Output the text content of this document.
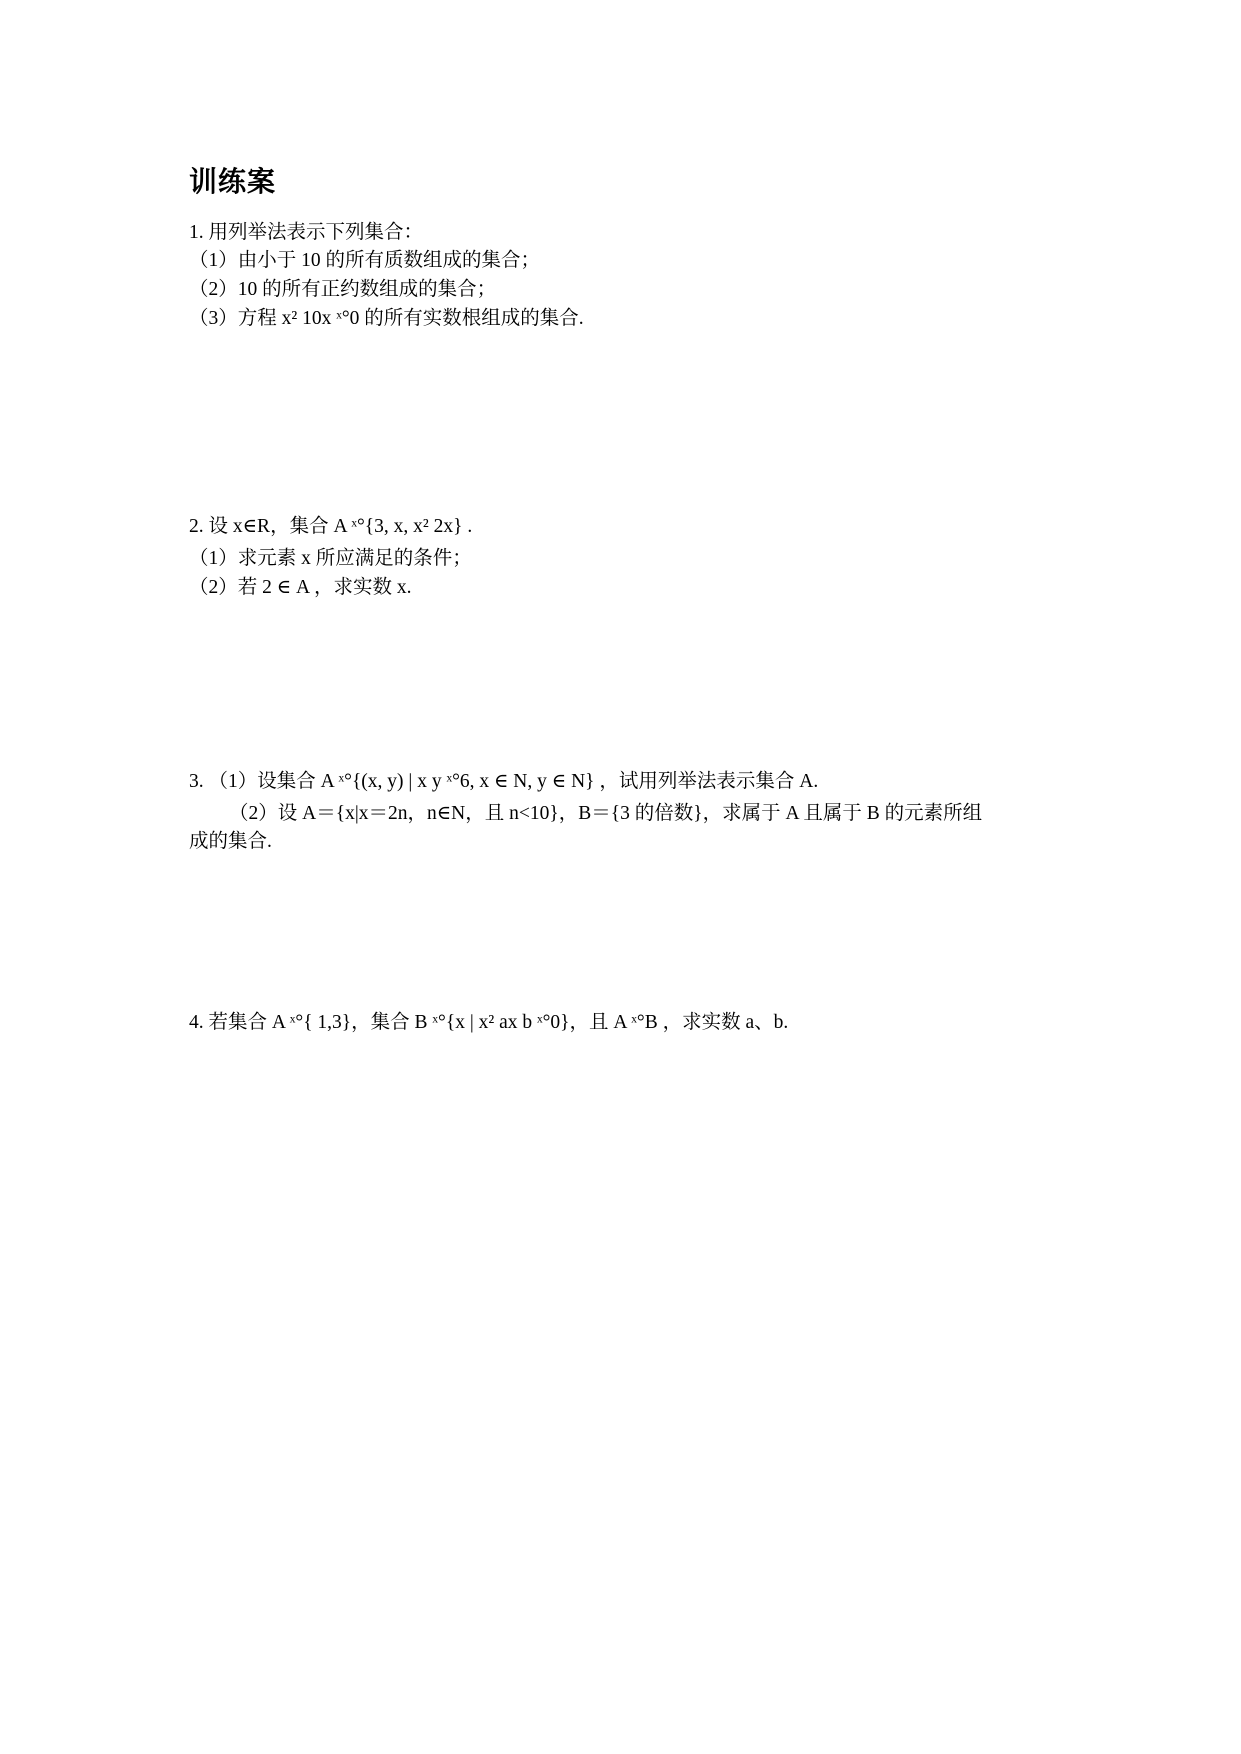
训练案

1. 用列举法表示下列集合：

（1）由小于 10 的所有质数组成的集合；

（2）10 的所有正约数组成的集合；

（3）方程 x² 10x ˣ°0 的所有实数根组成的集合.

2. 设 x∈R，集合 A ˣ°{3, x, x² 2x} .

（1）求元素 x 所应满足的条件；

（2）若 2 ∈ A ，求实数 x.

3. （1）设集合 A ˣ°{(x, y) | x y ˣ°6, x ∈ N, y ∈ N} ，试用列举法表示集合 A.

（2）设 A＝{x|x＝2n，n∈N，且 n<10}，B＝{3 的倍数}，求属于 A 且属于 B 的元素所组

成的集合.

4. 若集合 A ˣ°{ 1,3}，集合 B ˣ°{x | x² ax b ˣ°0}，且 A ˣ°B ，求实数 a、b.
